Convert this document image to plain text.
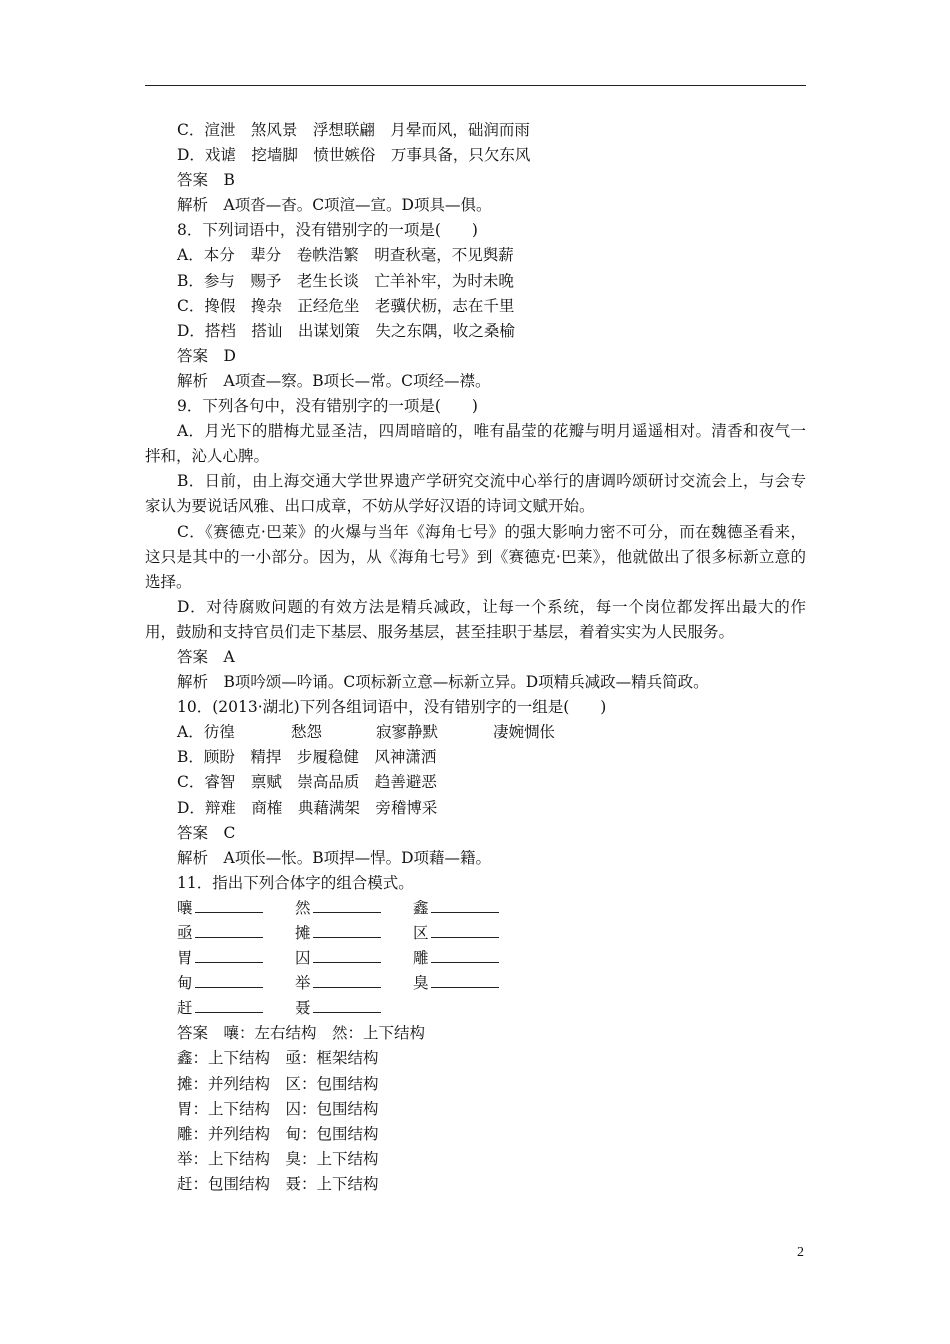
C．渲泄　煞风景　浮想联翩　月晕而风，础润而雨
D．戏谑　挖墙脚　愤世嫉俗　万事具备，只欠东风
答案　B
解析　A项沓—杳。C项渲—宣。D项具—俱。
8．下列词语中，没有错别字的一项是(　　)
A．本分　辈分　卷帙浩繁　明查秋毫，不见舆薪
B．参与　赐予　老生长谈　亡羊补牢，为时未晚
C．搀假　搀杂　正经危坐　老骥伏枥，志在千里
D．搭档　搭讪　出谋划策　失之东隅，收之桑榆
答案　D
解析　A项查—察。B项长—常。C项经—襟。
9．下列各句中，没有错别字的一项是(　　)
A．月光下的腊梅尤显圣洁，四周暗暗的，唯有晶莹的花瓣与明月遥遥相对。清香和夜气一拌和，沁人心脾。
B．日前，由上海交通大学世界遗产学研究交流中心举行的唐调吟颂研讨交流会上，与会专家认为要说话风雅、出口成章，不妨从学好汉语的诗词文赋开始。
C．《赛德克·巴莱》的火爆与当年《海角七号》的强大影响力密不可分，而在魏德圣看来，这只是其中的一小部分。因为，从《海角七号》到《赛德克·巴莱》，他就做出了很多标新立意的选择。
D．对待腐败问题的有效方法是精兵减政，让每一个系统，每一个岗位都发挥出最大的作用，鼓励和支持官员们走下基层、服务基层，甚至挂职于基层，着着实实为人民服务。
答案　A
解析　B项吟颂—吟诵。C项标新立意—标新立异。D项精兵减政—精兵简政。
10．(2013·湖北)下列各组词语中，没有错别字的一组是(　　)
A．彷徨	愁怨	寂寥静默	凄婉惆伥
B．顾盼　精捍　步履稳健　风神潇洒
C．睿智　禀赋　崇高品质　趋善避恶
D．辩难　商榷　典藉满架　旁稽博采
答案　C
解析　A项伥—怅。B项捍—悍。D项藉—籍。
11．指出下列合体字的组合模式。
嚷	然	鑫
亟	摊	区
胃	囚	雕
甸	举	臭
赶	聂
答案　嚷：左右结构　然：上下结构
鑫：上下结构　亟：框架结构
摊：并列结构　区：包围结构
胃：上下结构　囚：包围结构
雕：并列结构　甸：包围结构
举：上下结构　臭：上下结构
赶：包围结构　聂：上下结构
2
